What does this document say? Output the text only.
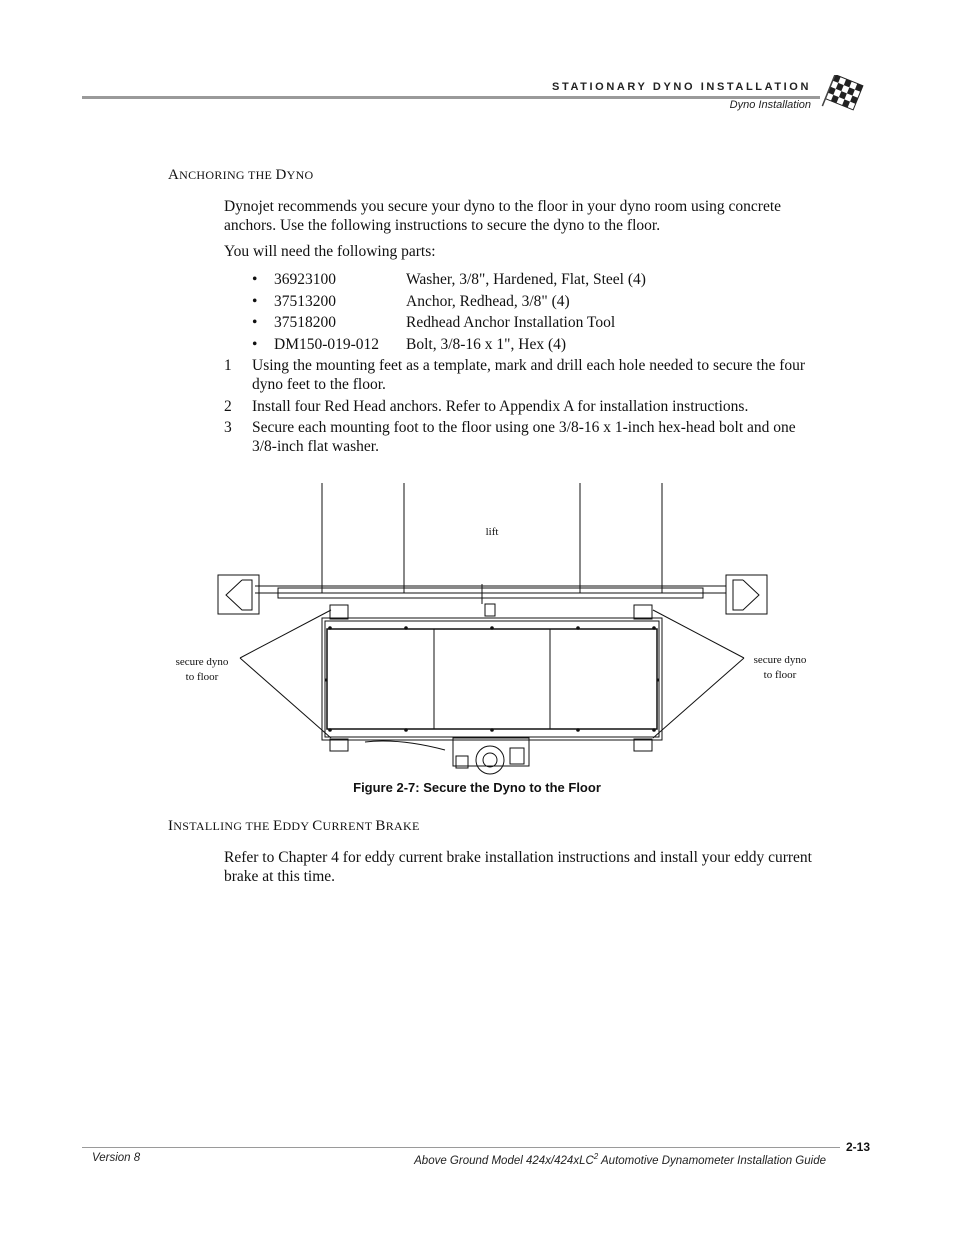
STATIONARY DYNO INSTALLATION
Dyno Installation
ANCHORING THE DYNO
Dynojet recommends you secure your dyno to the floor in your dyno room using concrete anchors. Use the following instructions to secure the dyno to the floor.
You will need the following parts:
• 36923100	Washer, 3/8", Hardened, Flat, Steel (4)
• 37513200	Anchor, Redhead, 3/8" (4)
• 37518200	Redhead Anchor Installation Tool
• DM150-019-012 Bolt, 3/8-16 x 1", Hex (4)
1 Using the mounting feet as a template, mark and drill each hole needed to secure the four dyno feet to the floor.
2 Install four Red Head anchors. Refer to Appendix A for installation instructions.
3 Secure each mounting foot to the floor using one 3/8-16 x 1-inch hex-head bolt and one 3/8-inch flat washer.
lift
secure dyno
to floor
secure dyno
to floor
Figure 2-7: Secure the Dyno to the Floor
INSTALLING THE EDDY CURRENT BRAKE
Refer to Chapter 4 for eddy current brake installation instructions and install your eddy current brake at this time.
2-13
Version 8	Above Ground Model 424x/424xLC$^2$ Automotive Dynamometer Installation Guide
